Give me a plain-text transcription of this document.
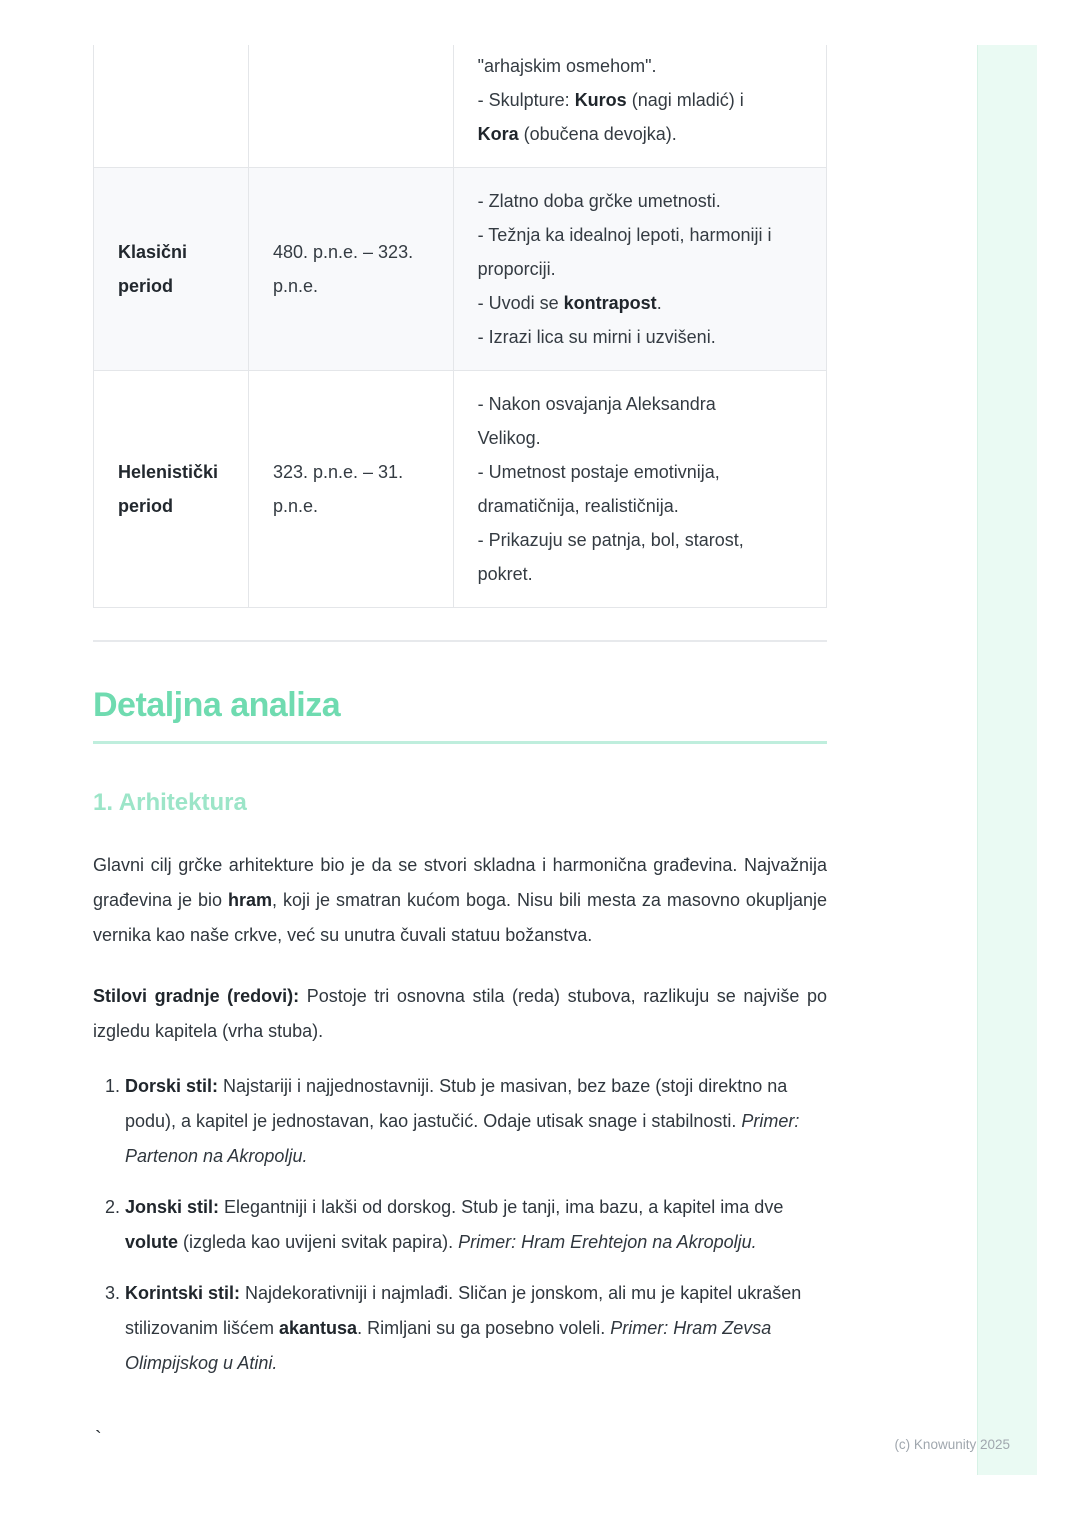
		"arhajskim osmehom".
- Skulpture: Kuros (nagi mladić) i
Kora (obučena devojka).
Klasični period	480. p.n.e. – 323. p.n.e.	- Zlatno doba grčke umetnosti.
- Težnja ka idealnoj lepoti, harmoniji i
proporciji.
- Uvodi se kontrapost.
- Izrazi lica su mirni i uzvišeni.
Helenistički period	323. p.n.e. – 31. p.n.e.	- Nakon osvajanja Aleksandra
Velikog.
- Umetnost postaje emotivnija,
dramatičnija, realističnija.
- Prikazuju se patnja, bol, starost,
pokret.
Detaljna analiza
1. Arhitektura

Glavni cilj grčke arhitekture bio je da se stvori skladna i harmonična građevina. Najvažnija građevina je bio hram, koji je smatran kućom boga. Nisu bili mesta za masovno okupljanje vernika kao naše crkve, već su unutra čuvali statuu božanstva.

Stilovi gradnje (redovi): Postoje tri osnovna stila (reda) stubova, razlikuju se najviše po izgledu kapitela (vrha stuba).

1. Dorski stil: Najstariji i najjednostavniji. Stub je masivan, bez baze (stoji direktno na podu), a kapitel je jednostavan, kao jastučić. Odaje utisak snage i stabilnosti. Primer: Partenon na Akropolju.
2. Jonski stil: Elegantniji i lakši od dorskog. Stub je tanji, ima bazu, a kapitel ima dve volute (izgleda kao uvijeni svitak papira). Primer: Hram Erehtejon na Akropolju.
3. Korintski stil: Najdekorativniji i najmlađi. Sličan je jonskom, ali mu je kapitel ukrašen stilizovanim lišćem akantusa. Rimljani su ga posebno voleli. Primer: Hram Zevsa Olimpijskog u Atini.
`	(c) Knowunity 2025
